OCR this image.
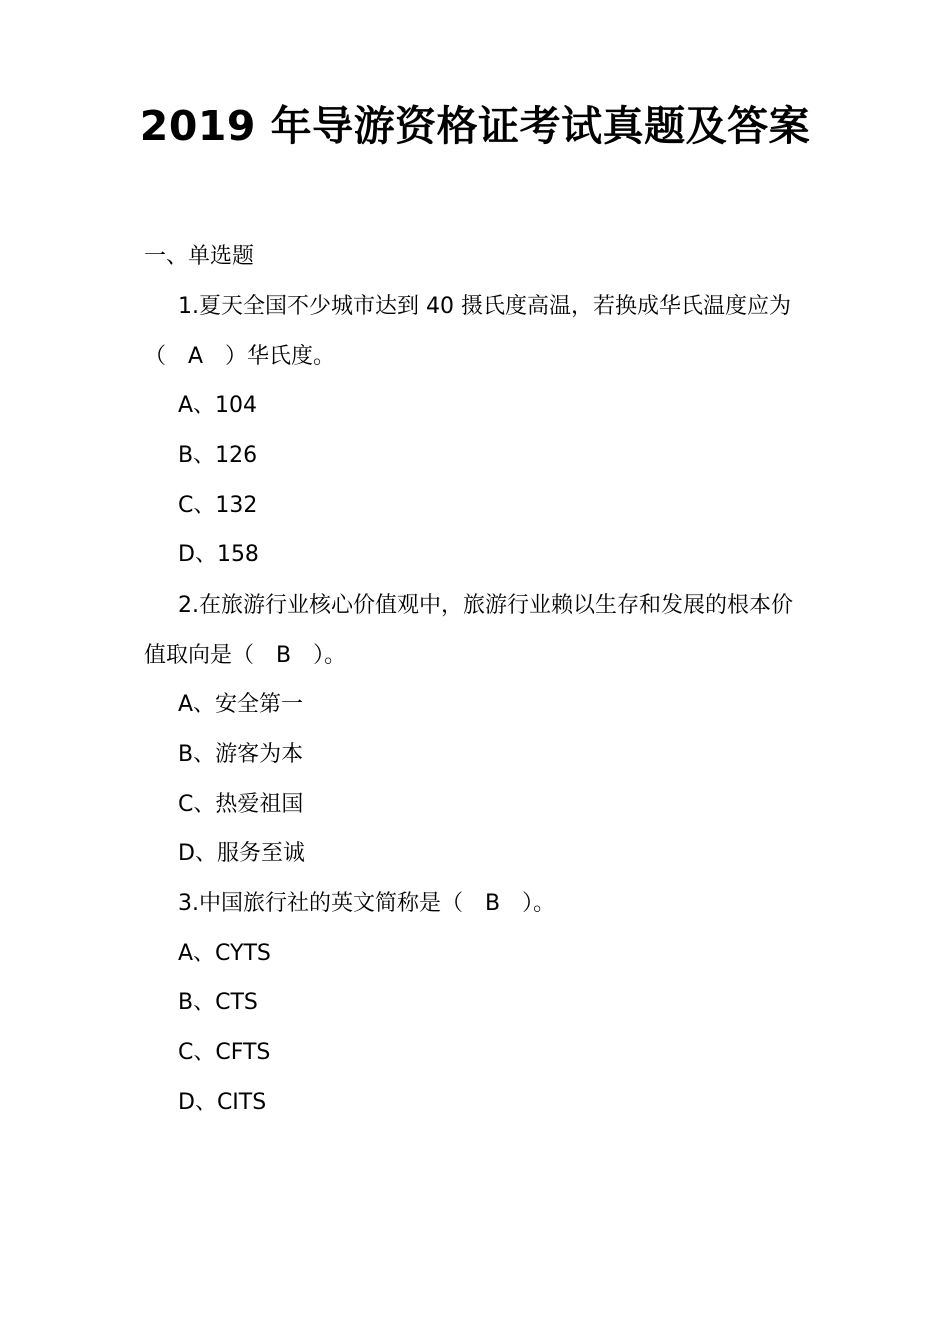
2019 年导游资格证考试真题及答案
一、单选题
1.夏天全国不少城市达到 40 摄氏度高温，若换成华氏温度应为
（　A　）华氏度。
A、104
B、126
C、132
D、158
2.在旅游行业核心价值观中，旅游行业赖以生存和发展的根本价
值取向是（　B　）。
A、安全第一
B、游客为本
C、热爱祖国
D、服务至诚
3.中国旅行社的英文简称是（　B　）。
A、CYTS
B、CTS
C、CFTS
D、CITS
